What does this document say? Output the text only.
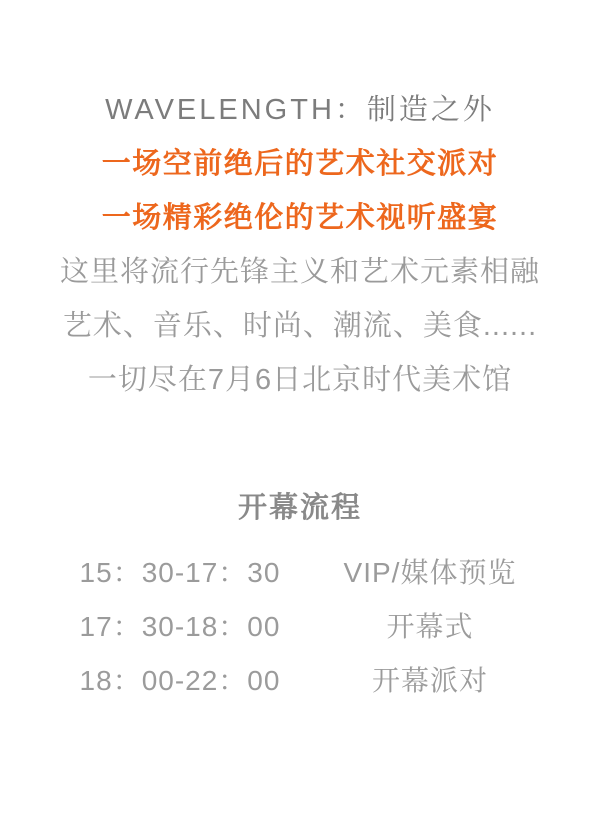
WAVELENGTH：制造之外
一场空前绝后的艺术社交派对
一场精彩绝伦的艺术视听盛宴
这里将流行先锋主义和艺术元素相融
艺术、音乐、时尚、潮流、美食......
一切尽在7月6日北京时代美术馆
开幕流程
15：30-17：30	VIP/媒体预览
17：30-18：00	开幕式
18：00-22：00	开幕派对
